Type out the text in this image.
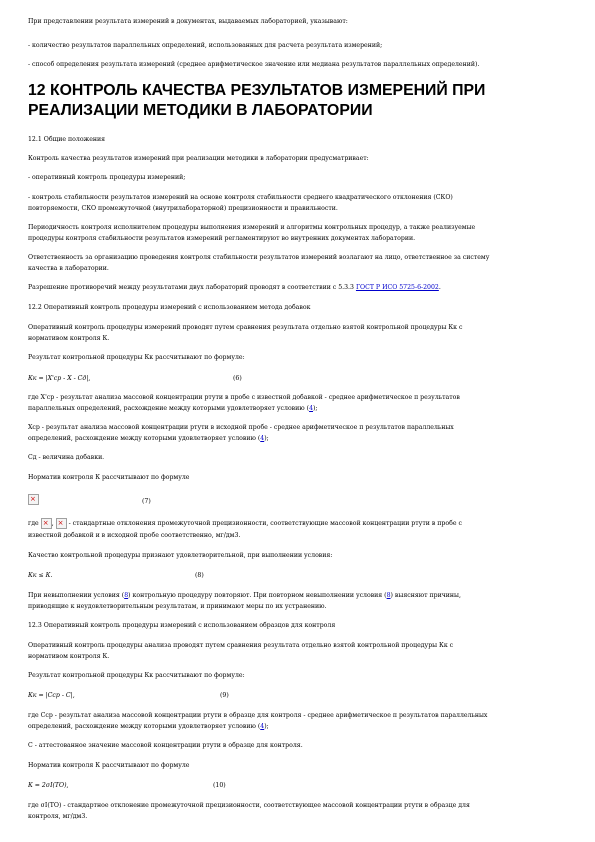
При представлении результата измерений в документах, выдаваемых лабораторией, указывают:
- количество результатов параллельных определений, использованных для расчета результата измерений;
- способ определения результата измерений (среднее арифметическое значение или медиана результатов параллельных определений).
12 КОНТРОЛЬ КАЧЕСТВА РЕЗУЛЬТАТОВ ИЗМЕРЕНИЙ ПРИ
РЕАЛИЗАЦИИ МЕТОДИКИ В ЛАБОРАТОРИИ
12.1 Общие положения
Контроль качества результатов измерений при реализации методики в лаборатории предусматривает:
- оперативный контроль процедуры измерений;
- контроль стабильности результатов измерений на основе контроля стабильности среднего квадратического отклонения (СКО)
повторяемости, СКО промежуточной (внутрилабораторной) прецизионности и правильности.
Периодичность контроля исполнителем процедуры выполнения измерений и алгоритмы контрольных процедур, а также реализуемые
процедуры контроля стабильности результатов измерений регламентируют во внутренних документах лаборатории.
Ответственность за организацию проведения контроля стабильности результатов измерений возлагают на лицо, ответственное за систему
качества в лаборатории.
Разрешение противоречий между результатами двух лабораторий проводят в соответствии с 5.3.3 ГОСТ Р ИСО 5725-6-2002.
12.2 Оперативный контроль процедуры измерений с использованием метода добавок
Оперативный контроль процедуры измерений проводят путем сравнения результата отдельно взятой контрольной процедуры Кк с
нормативом контроля К.
Результат контрольной процедуры Кк рассчитывают по формуле:
Кк = |Х'ср - Х - Сд|,	(6)
где Х'ср - результат анализа массовой концентрации ртути в пробе с известной добавкой - среднее арифметическое п результатов
параллельных определений, расхождение между которыми удовлетворяет условию (4);
Хср - результат анализа массовой концентрации ртути в исходной пробе - среднее арифметическое п результатов параллельных
определений, расхождение между которыми удовлетворяет условию (4);
Сд - величина добавки.
Норматив контроля К рассчитывают по формуле
×
(7)
где ×, × - стандартные отклонения промежуточной прецизионности, соответствующие массовой концентрации ртути в пробе с
известной добавкой и в исходной пробе соответственно, мг/дм3.
Качество контрольной процедуры признают удовлетворительной, при выполнении условия:
Кк ≤ К.	(8)
При невыполнении условия (8) контрольную процедуру повторяют. При повторном невыполнении условия (8) выясняют причины,
приводящие к неудовлетворительным результатам, и принимают меры по их устранению.
12.3 Оперативный контроль процедуры измерений с использованием образцов для контроля
Оперативный контроль процедуры анализа проводят путем сравнения результата отдельно взятой контрольной процедуры Кк с
нормативом контроля К.
Результат контрольной процедуры Кк рассчитывают по формуле:
Кк = |Сср - С|,	(9)
где Сср - результат анализа массовой концентрации ртути в образце для контроля - среднее арифметическое п результатов параллельных
определений, расхождение между которыми удовлетворяет условию (4);
С - аттестованное значение массовой концентрации ртути в образце для контроля.
Норматив контроля К рассчитывают по формуле
К = 2σI(TO),	(10)
где σI(TO) - стандартное отклонение промежуточной прецизионности, соответствующее массовой концентрации ртути в образце для
контроля, мг/дм3.
